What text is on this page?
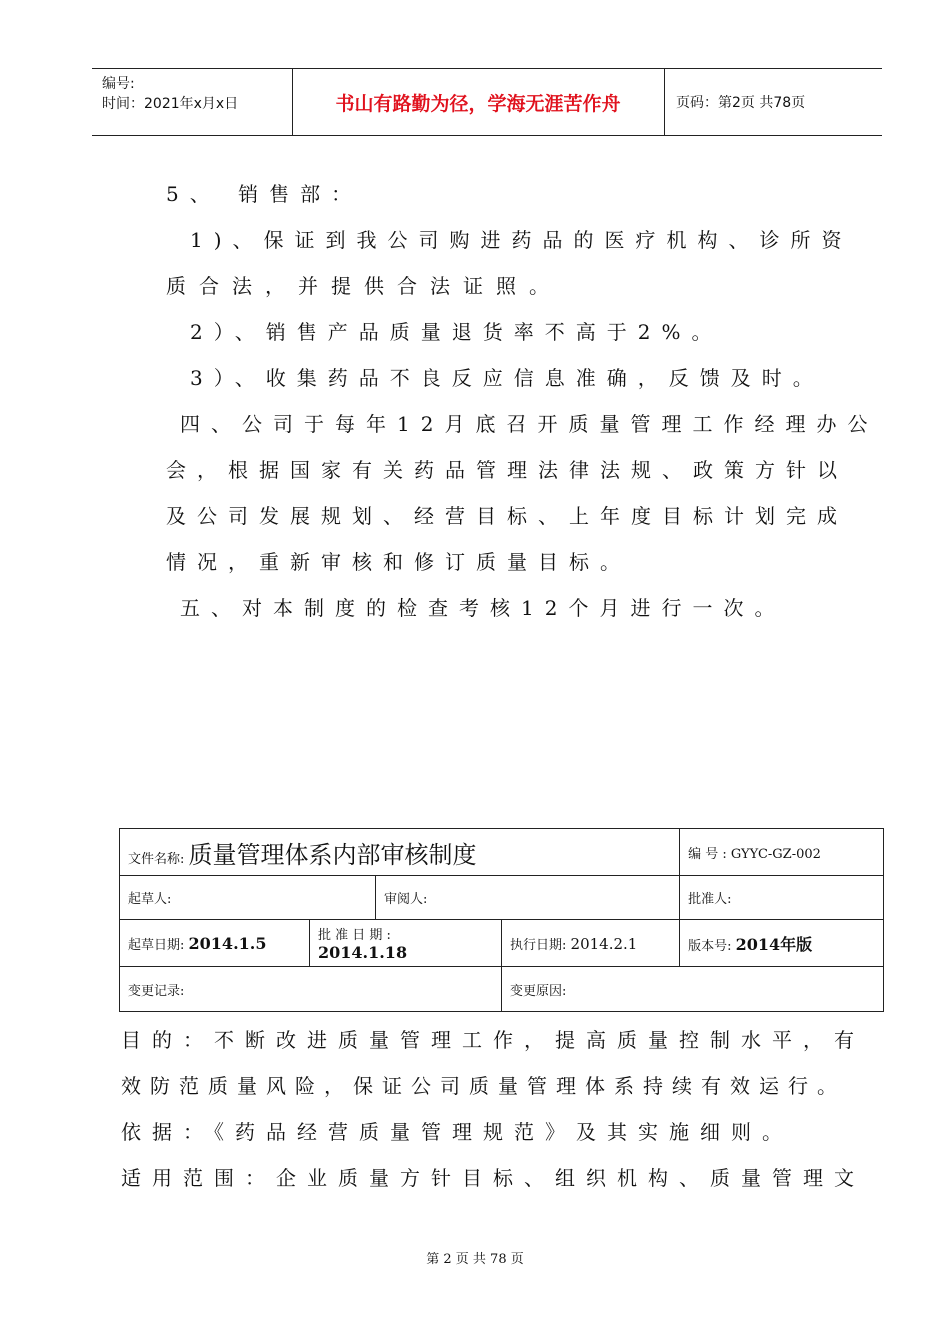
编号:
时间：2021年x月x日	书山有路勤为径，学海无涯苦作舟	页码：第2页 共78页
5、 销售部：
1)、保证到我公司购进药品的医疗机构、诊所资
质合法，并提供合法证照。
2）、销售产品质量退货率不高于2%。
3）、收集药品不良反应信息准确，反馈及时。
四、公司于每年12月底召开质量管理工作经理办公
会，根据国家有关药品管理法律法规、政策方针以
及公司发展规划、经营目标、上年度目标计划完成
情况，重新审核和修订质量目标。
五、对本制度的检查考核12个月进行一次。
文件名称: 质量管理体系内部审核制度				编 号 : GYYC-GZ-002
起草人:		审阅人:		批准人:
起草日期: 2014.1.5	批 准 日 期 :
2014.1.18		执行日期: 2014.2.1	版本号: 2014年版
变更记录:			变更原因:	
目的：不断改进质量管理工作，提高质量控制水平，有
效防范质量风险，保证公司质量管理体系持续有效运行。
依据：《药品经营质量管理规范》及其实施细则。
适用范围：企业质量方针目标、组织机构、质量管理文
第 2 页 共 78 页
